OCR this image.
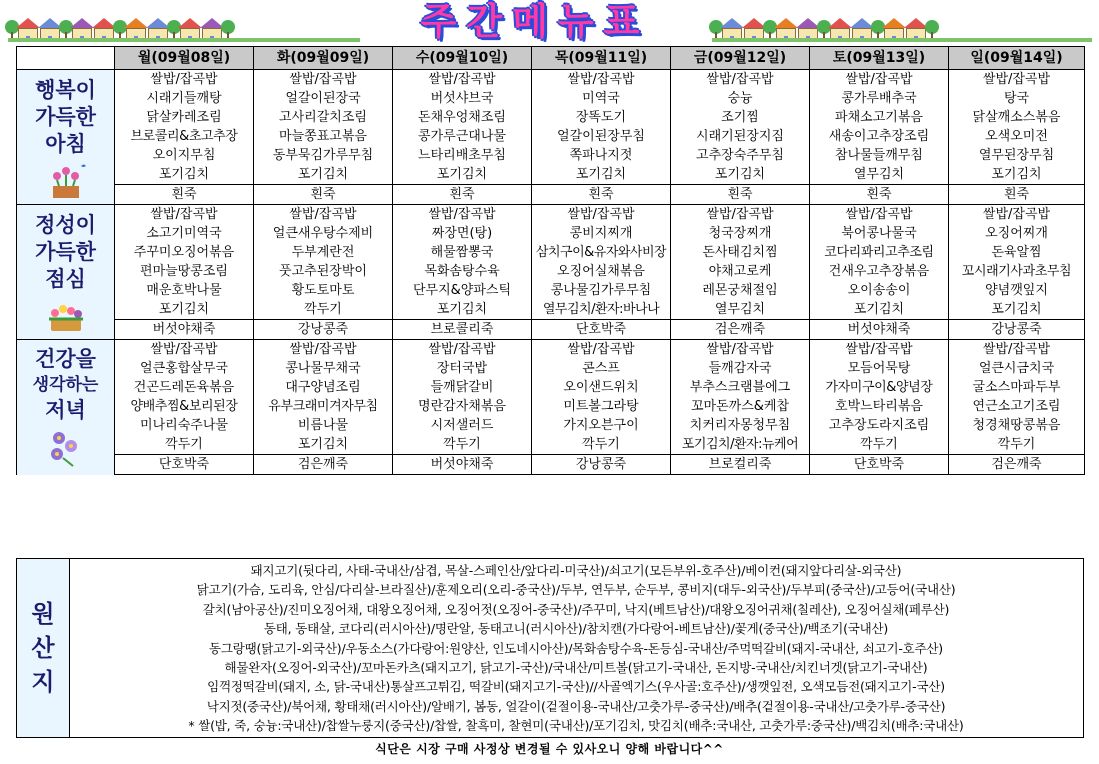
주간메뉴표
	월(09월08일)	화(09월09일)	수(09월10일)	목(09월11일)	금(09월12일)	토(09월13일)	일(09월14일)

행복이
가득한
아침	쌀밥/잡곡밥	쌀밥/잡곡밥	쌀밥/잡곡밥	쌀밥/잡곡밥	쌀밥/잡곡밥	쌀밥/잡곡밥	쌀밥/잡곡밥
	시래기들깨탕	얼갈이된장국	버섯샤브국	미역국	숭늉	콩가루배추국	탕국
	닭살카레조림	고사리갈치조림	돈채우엉채조림	장똑도기	조기찜	파채소고기볶음	닭살깨소스볶음
	브로콜리&초고추장	마늘쫑표고볶음	콩가루근대나물	얼갈이된장무침	시래기된장지짐	새송이고추장조림	오색오미전
	오이지무침	동부묵김가루무침	느타리배초무침	쪽파나지젓	고추장숙주무침	참나물들깨무침	열무된장무침
	포기김치	포기김치	포기김치	포기김치	포기김치	열무김치	포기김치
	흰죽	흰죽	흰죽	흰죽	흰죽	흰죽	흰죽

정성이
가득한
점심	쌀밥/잡곡밥	쌀밥/잡곡밥	쌀밥/잡곡밥	쌀밥/잡곡밥	쌀밥/잡곡밥	쌀밥/잡곡밥	쌀밥/잡곡밥
	소고기미역국	얼큰새우탕수제비	짜장면(탕)	콩비지찌개	청국장찌개	북어콩나물국	오징어찌개
	주꾸미오징어볶음	두부계란전	해물짬뽕국	삼치구이&유자와사비장	돈사태김치찜	코다리꽈리고추조림	돈육알찜
	편마늘땅콩조림	풋고추된장박이	목화솜탕수육	오징어실채볶음	야채고로케	건새우고추장볶음	꼬시래기사과초무침
	매운호박나물	황도토마토	단무지&양파스틱	콩나물김가루무침	레몬궁채절임	오이송송이	양념깻잎지
	포기김치	깍두기	포기김치	열무김치/환자:바나나	열무김치	포기김치	포기김치
	버섯야채죽	강낭콩죽	브로콜리죽	단호박죽	검은깨죽	버섯야채죽	강낭콩죽

건강을
생각하는
저녁	쌀밥/잡곡밥	쌀밥/잡곡밥	쌀밥/잡곡밥	쌀밥/잡곡밥	쌀밥/잡곡밥	쌀밥/잡곡밥	쌀밥/잡곡밥
	얼큰홍합살무국	콩나물무채국	장터국밥	콘스프	들깨감자국	모듬어묵탕	얼큰시금치국
	건곤드레돈육볶음	대구양념조림	들깨닭갈비	오이샌드위치	부추스크램블에그	가자미구이&양념장	굴소스마파두부
	양배추찜&보리된장	유부크래미겨자무침	명란감자채볶음	미트볼그라탕	꼬마돈까스&케찹	호박느타리볶음	연근소고기조림
	미나리숙주나물	비름나물	시저샐러드	가지오븐구이	치커리자몽청무침	고추장도라지조림	청경채땅콩볶음
	깍두기	포기김치	깍두기	깍두기	포기김치/환자:뉴케어	깍두기	깍두기
	단호박죽	검은깨죽	버섯야채죽	강낭콩죽	브로컬리죽	단호박죽	검은깨죽
원
산
지
돼지고기(뒷다리, 사태-국내산/삼겹, 목살-스페인산/앞다리-미국산)/쇠고기(모든부위-호주산)/베이컨(돼지앞다리살-외국산)
닭고기(가슴, 도리육, 안심/다리살-브라질산)/훈제오리(오리-중국산)/두부, 연두부, 순두부, 콩비지(대두-외국산)/두부피(중국산)/고등어(국내산)
갈치(남아공산)/진미오징어채, 대왕오징어채, 오징어젓(오징어-중국산)/주꾸미, 낙지(베트남산)/대왕오징어귀채(칠레산), 오징어실채(페루산)
동태, 동태살, 코다리(러시아산)/명란알, 동태고니(러시아산)/참치캔(가다랑어-베트남산)/꽃게(중국산)/백조기(국내산)
동그랑땡(닭고기-외국산)/우동소스(가다랑어:원양산, 인도네시아산)/목화솜탕수육-돈등심-국내산/주먹떡갈비(돼지-국내산, 쇠고기-호주산)
해물완자(오징어-외국산)/꼬마돈카츠(돼지고기, 닭고기-국산)/국내산/미트볼(닭고기-국내산, 돈지방-국내산/치킨너겟(닭고기-국내산)
임꺽정떡갈비(돼지, 소, 닭-국내산)통살프고튀김, 떡갈비(돼지고기-국산)//사골엑기스(우사골:호주산)/생깻잎전, 오색모듬전(돼지고기-국산)
낙지젓(중국산)/북어채, 황태채(러시아산)/알배기, 봄동, 얼갈이(겉절이용-국내산/고춧가루-중국산)/배추(겉절이용-국내산/고춧가루-중국산)
* 쌀(밥, 죽, 숭늉:국내산)/찹쌀누룽지(중국산)/찹쌀, 찰흑미, 찰현미(국내산)/포기김치, 맛김치(배추:국내산, 고춧가루:중국산)/백김치(배추:국내산)
식단은 시장 구매 사정상 변경될 수 있사오니 양해 바랍니다^^
